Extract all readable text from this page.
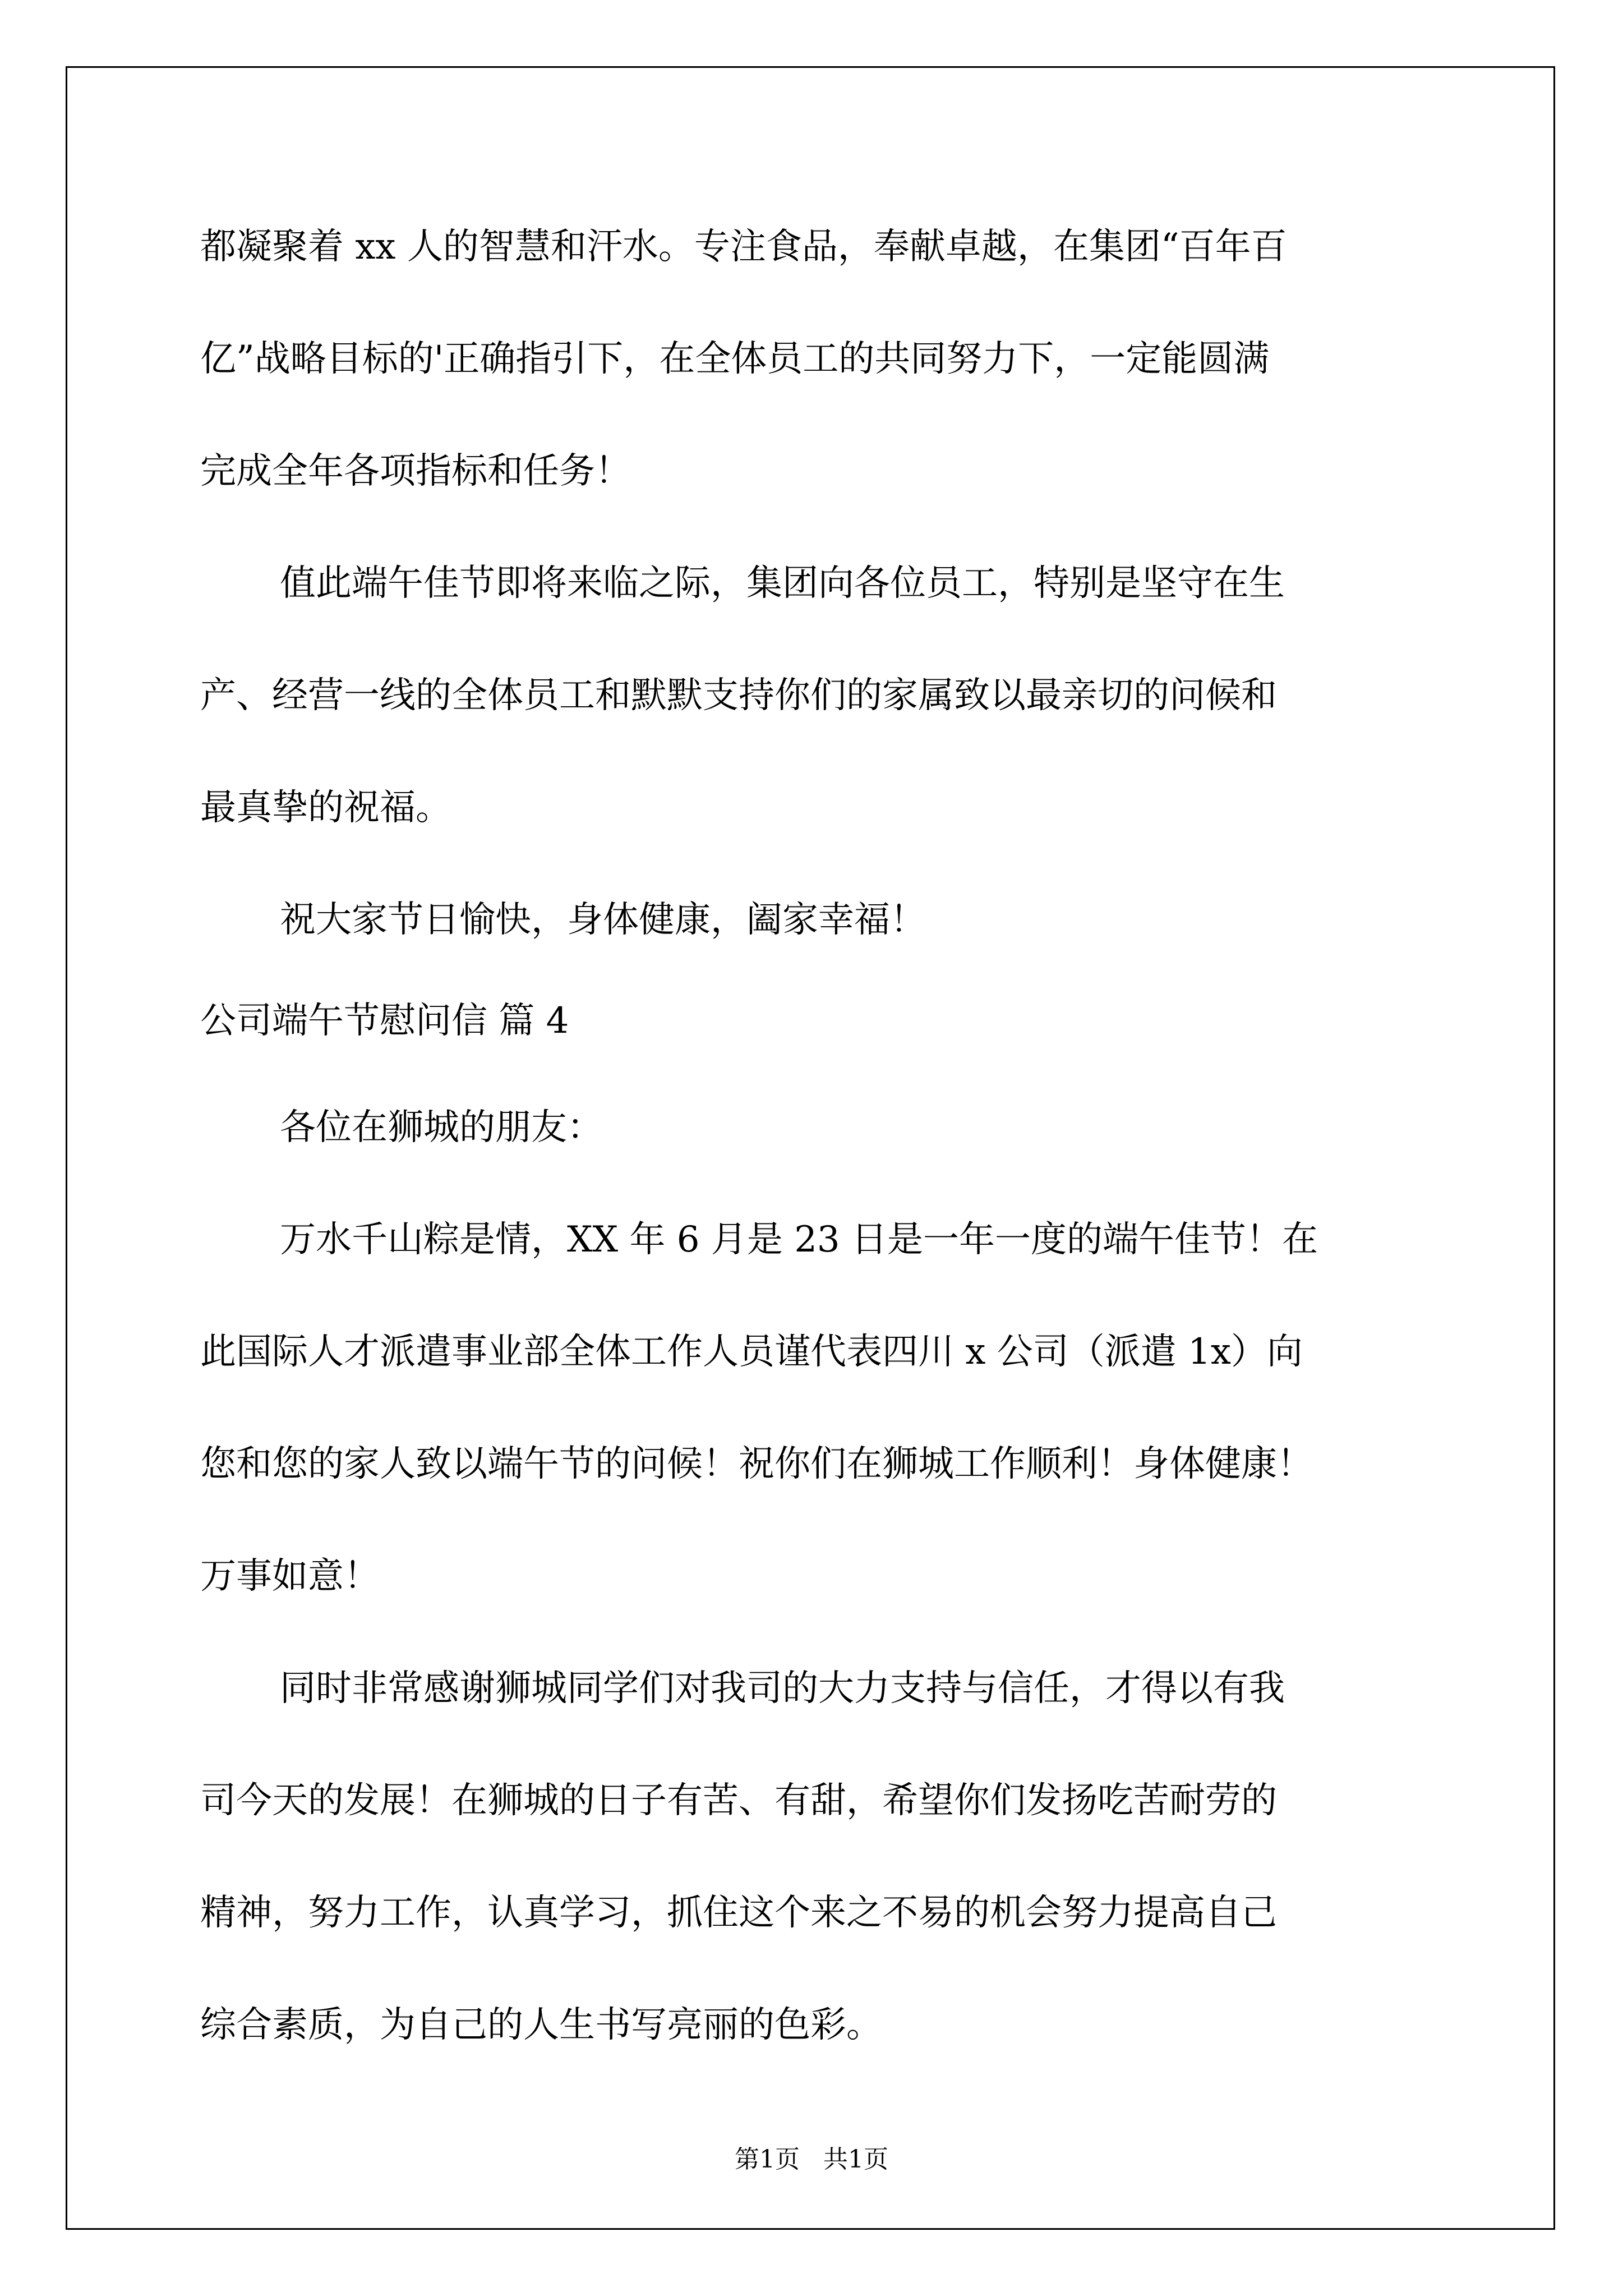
都凝聚着 xx 人的智慧和汗水。专注食品，奉献卓越，在集团“百年百
亿”战略目标的'正确指引下，在全体员工的共同努力下，一定能圆满
完成全年各项指标和任务！
值此端午佳节即将来临之际，集团向各位员工，特别是坚守在生
产、经营一线的全体员工和默默支持你们的家属致以最亲切的问候和
最真挚的祝福。
祝大家节日愉快，身体健康，阖家幸福！
公司端午节慰问信 篇 4
各位在狮城的朋友：
万水千山粽是情，XX 年 6 月是 23 日是一年一度的端午佳节！在
此国际人才派遣事业部全体工作人员谨代表四川 x 公司（派遣 1x）向
您和您的家人致以端午节的问候！祝你们在狮城工作顺利！身体健康！
万事如意！
同时非常感谢狮城同学们对我司的大力支持与信任，才得以有我
司今天的发展！在狮城的日子有苦、有甜，希望你们发扬吃苦耐劳的
精神，努力工作，认真学习，抓住这个来之不易的机会努力提高自己
综合素质，为自己的人生书写亮丽的色彩。
第1页   共1页
